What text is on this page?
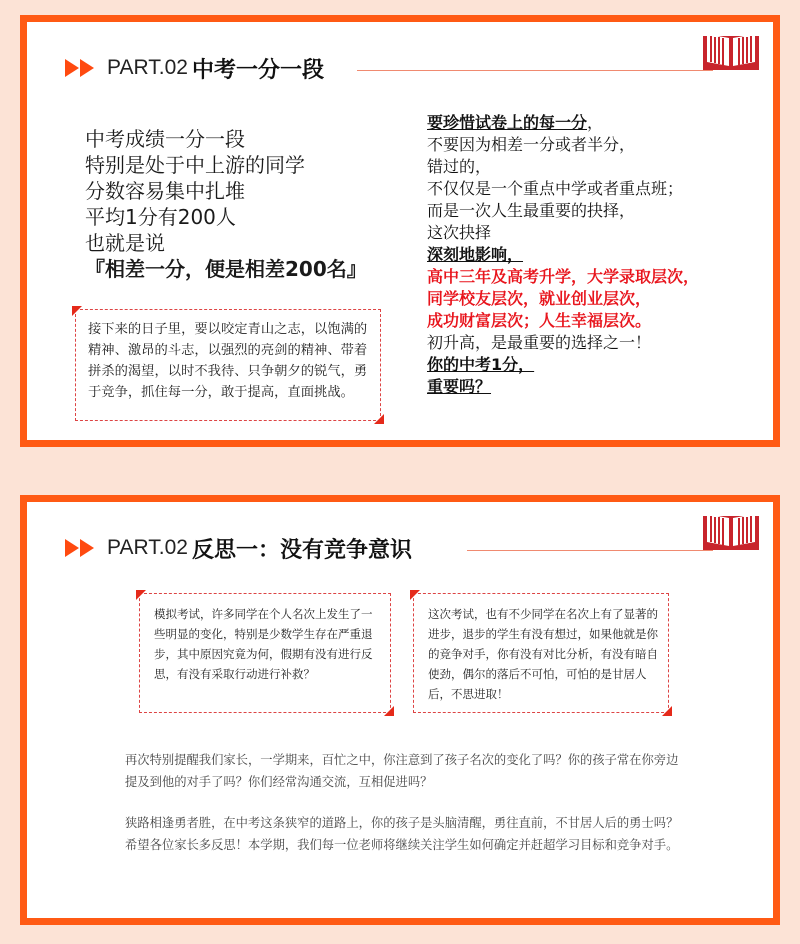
PART.02 中考一分一段
中考成绩一分一段
特别是处于中上游的同学
分数容易集中扎堆
平均1分有200人
也就是说
『相差一分，便是相差200名』
接下来的日子里，要以咬定青山之志，以饱满的精神、激昂的斗志，以强烈的亮剑的精神、带着拼杀的渴望，以时不我待、只争朝夕的锐气，勇于竞争，抓住每一分，敢于提高，直面挑战。
要珍惜试卷上的每一分，
不要因为相差一分或者半分，
错过的，
不仅仅是一个重点中学或者重点班；
而是一次人生最重要的抉择，
这次抉择
深刻地影响，
高中三年及高考升学，大学录取层次，
同学校友层次，就业创业层次，
成功财富层次；人生幸福层次。
初升高，是最重要的选择之一！
你的中考1分，
重要吗？
PART.02 反思一：没有竞争意识
模拟考试，许多同学在个人名次上发生了一些明显的变化，特别是少数学生存在严重退步，其中原因究竟为何，假期有没有进行反思，有没有采取行动进行补救？
这次考试，也有不少同学在名次上有了显著的进步，退步的学生有没有想过，如果他就是你的竞争对手，你有没有对比分析，有没有暗自使劲，偶尔的落后不可怕，可怕的是甘居人后，不思进取！
再次特别提醒我们家长，一学期来，百忙之中，你注意到了孩子名次的变化了吗？你的孩子常在你旁边提及到他的对手了吗？你们经常沟通交流，互相促进吗？
狭路相逢勇者胜，在中考这条狭窄的道路上，你的孩子是头脑清醒，勇往直前，不甘居人后的勇士吗？希望各位家长多反思！本学期，我们每一位老师将继续关注学生如何确定并赶超学习目标和竞争对手。
